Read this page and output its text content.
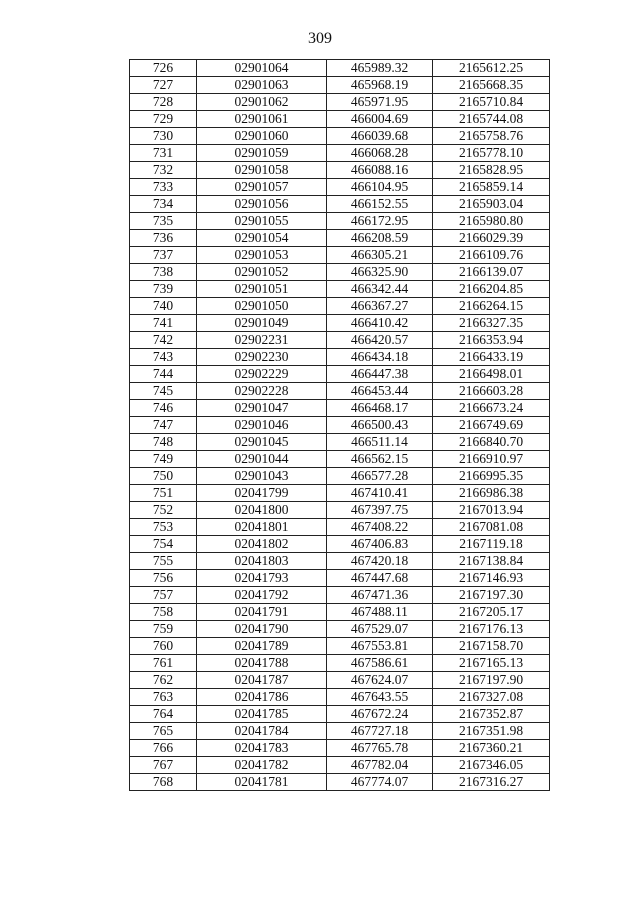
309
726	02901064	465989.32	2165612.25
727	02901063	465968.19	2165668.35
728	02901062	465971.95	2165710.84
729	02901061	466004.69	2165744.08
730	02901060	466039.68	2165758.76
731	02901059	466068.28	2165778.10
732	02901058	466088.16	2165828.95
733	02901057	466104.95	2165859.14
734	02901056	466152.55	2165903.04
735	02901055	466172.95	2165980.80
736	02901054	466208.59	2166029.39
737	02901053	466305.21	2166109.76
738	02901052	466325.90	2166139.07
739	02901051	466342.44	2166204.85
740	02901050	466367.27	2166264.15
741	02901049	466410.42	2166327.35
742	02902231	466420.57	2166353.94
743	02902230	466434.18	2166433.19
744	02902229	466447.38	2166498.01
745	02902228	466453.44	2166603.28
746	02901047	466468.17	2166673.24
747	02901046	466500.43	2166749.69
748	02901045	466511.14	2166840.70
749	02901044	466562.15	2166910.97
750	02901043	466577.28	2166995.35
751	02041799	467410.41	2166986.38
752	02041800	467397.75	2167013.94
753	02041801	467408.22	2167081.08
754	02041802	467406.83	2167119.18
755	02041803	467420.18	2167138.84
756	02041793	467447.68	2167146.93
757	02041792	467471.36	2167197.30
758	02041791	467488.11	2167205.17
759	02041790	467529.07	2167176.13
760	02041789	467553.81	2167158.70
761	02041788	467586.61	2167165.13
762	02041787	467624.07	2167197.90
763	02041786	467643.55	2167327.08
764	02041785	467672.24	2167352.87
765	02041784	467727.18	2167351.98
766	02041783	467765.78	2167360.21
767	02041782	467782.04	2167346.05
768	02041781	467774.07	2167316.27
